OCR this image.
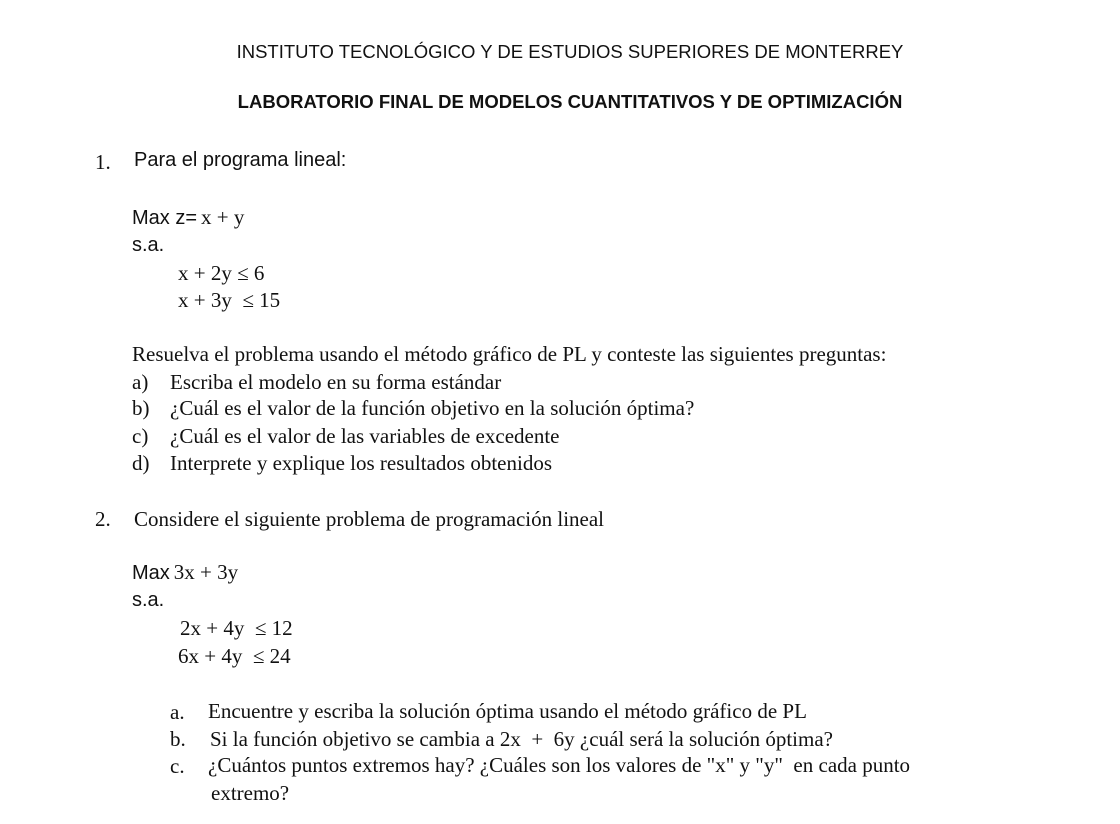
INSTITUTO TECNOLÓGICO Y DE ESTUDIOS SUPERIORES DE MONTERREY
LABORATORIO FINAL DE MODELOS CUANTITATIVOS Y DE OPTIMIZACIÓN
1. Para el programa lineal:
Max z= x + y
s.a.
x + 2y ≤ 6
x + 3y  ≤ 15
Resuelva el problema usando el método gráfico de PL y conteste las siguientes preguntas:
a) Escriba el modelo en su forma estándar
b) ¿Cuál es el valor de la función objetivo en la solución óptima?
c) ¿Cuál es el valor de las variables de excedente
d) Interprete y explique los resultados obtenidos
2. Considere el siguiente problema de programación lineal
Max 3x + 3y
s.a.
2x + 4y  ≤ 12
6x + 4y  ≤ 24
a. Encuentre y escriba la solución óptima usando el método gráfico de PL
b. Si la función objetivo se cambia a 2x  +  6y ¿cuál será la solución óptima?
c. ¿Cuántos puntos extremos hay? ¿Cuáles son los valores de "x" y "y"  en cada punto
extremo?
